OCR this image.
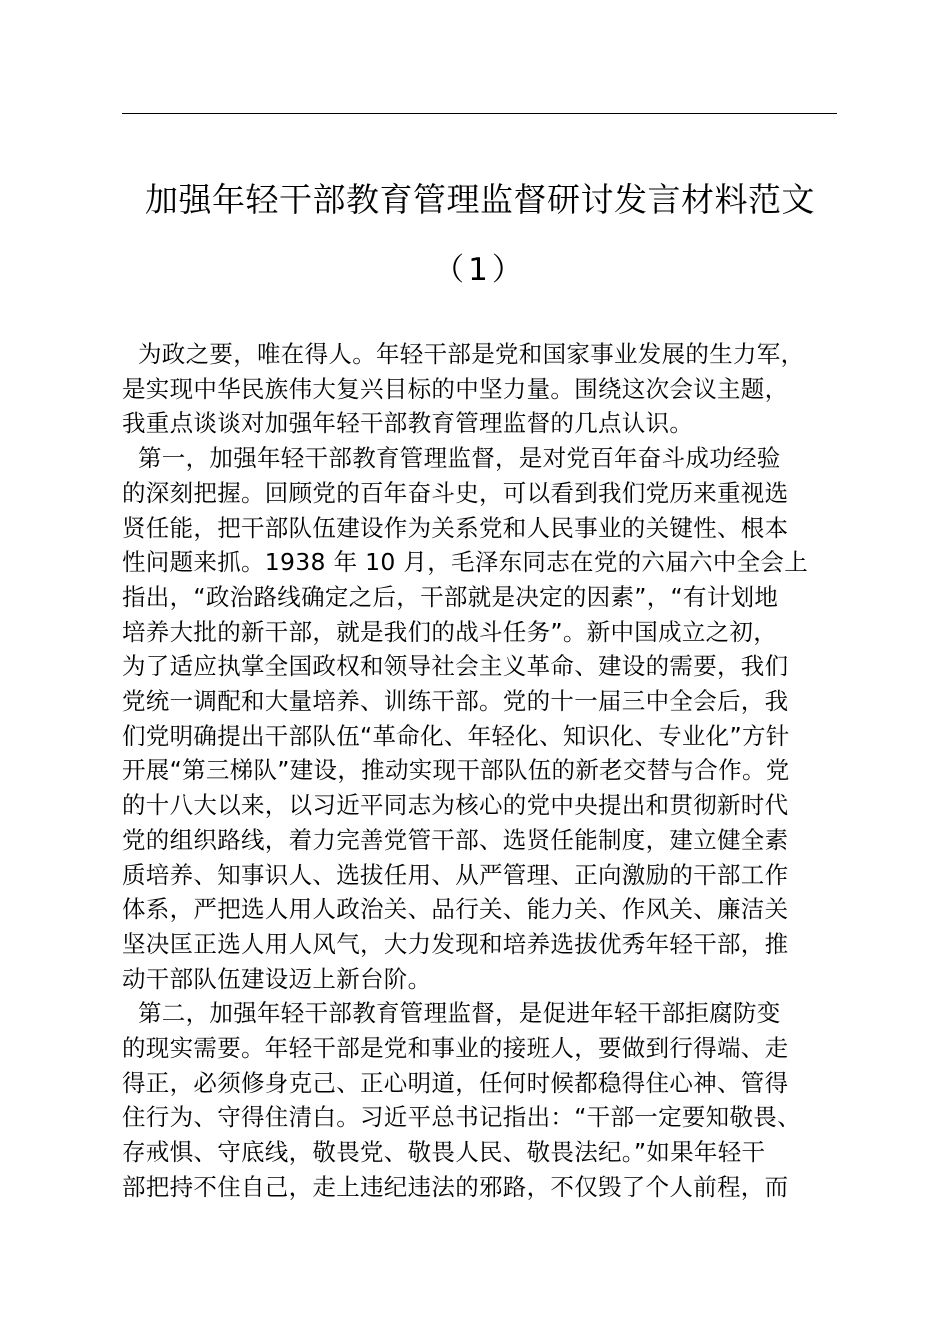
加强年轻干部教育管理监督研讨发言材料范文
（1）

为政之要，唯在得人。年轻干部是党和国家事业发展的生力军，
是实现中华民族伟大复兴目标的中坚力量。围绕这次会议主题，
我重点谈谈对加强年轻干部教育管理监督的几点认识。

第一，加强年轻干部教育管理监督，是对党百年奋斗成功经验
的深刻把握。回顾党的百年奋斗史，可以看到我们党历来重视选
贤任能，把干部队伍建设作为关系党和人民事业的关键性、根本
性问题来抓。1938 年 10 月，毛泽东同志在党的六届六中全会上
指出，“政治路线确定之后，干部就是决定的因素”，“有计划地
培养大批的新干部，就是我们的战斗任务”。新中国成立之初，
为了适应执掌全国政权和领导社会主义革命、建设的需要，我们
党统一调配和大量培养、训练干部。党的十一届三中全会后，我
们党明确提出干部队伍“革命化、年轻化、知识化、专业化”方针
开展“第三梯队”建设，推动实现干部队伍的新老交替与合作。党
的十八大以来，以习近平同志为核心的党中央提出和贯彻新时代
党的组织路线，着力完善党管干部、选贤任能制度，建立健全素
质培养、知事识人、选拔任用、从严管理、正向激励的干部工作
体系，严把选人用人政治关、品行关、能力关、作风关、廉洁关
坚决匡正选人用人风气，大力发现和培养选拔优秀年轻干部，推
动干部队伍建设迈上新台阶。

第二，加强年轻干部教育管理监督，是促进年轻干部拒腐防变
的现实需要。年轻干部是党和事业的接班人，要做到行得端、走
得正，必须修身克己、正心明道，任何时候都稳得住心神、管得
住行为、守得住清白。习近平总书记指出：“干部一定要知敬畏、
存戒惧、守底线，敬畏党、敬畏人民、敬畏法纪。”如果年轻干
部把持不住自己，走上违纪违法的邪路，不仅毁了个人前程，而
